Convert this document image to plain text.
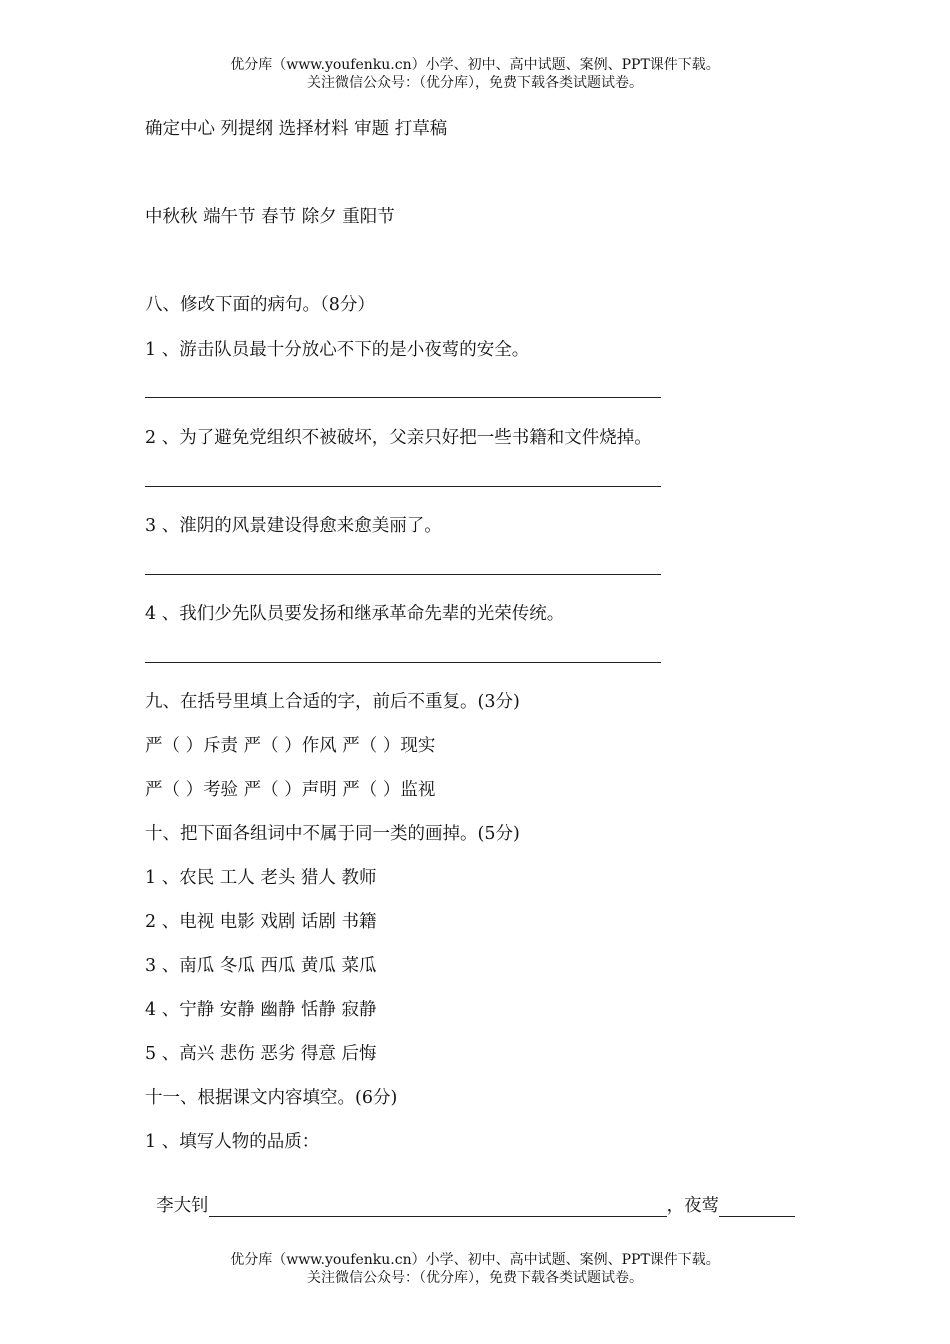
优分库（www.youfenku.cn）小学、初中、高中试题、案例、PPT课件下载。
关注微信公众号：（优分库），免费下载各类试题试卷。
确定中心 列提纲 选择材料 审题 打草稿
中秋秋 端午节 春节 除夕 重阳节
八、修改下面的病句。（8分）
1 、游击队员最十分放心不下的是小夜莺的安全。
2 、为了避免党组织不被破坏，父亲只好把一些书籍和文件烧掉。
3 、淮阴的风景建设得愈来愈美丽了。
4 、我们少先队员要发扬和继承革命先辈的光荣传统。
九、在括号里填上合适的字，前后不重复。(3分)
严（ ）斥责 严（ ）作风 严（ ）现实
严（ ）考验 严（ ）声明 严（ ）监视
十、把下面各组词中不属于同一类的画掉。(5分)
1 、农民 工人 老头 猎人 教师
2 、电视 电影 戏剧 话剧 书籍
3 、南瓜 冬瓜 西瓜 黄瓜 菜瓜
4 、宁静 安静 幽静 恬静 寂静
5 、高兴 悲伤 恶劣 得意 后悔
十一、根据课文内容填空。(6分)
1 、填写人物的品质：

李大钊	，夜莺

优分库（www.youfenku.cn）小学、初中、高中试题、案例、PPT课件下载。
关注微信公众号：（优分库），免费下载各类试题试卷。
